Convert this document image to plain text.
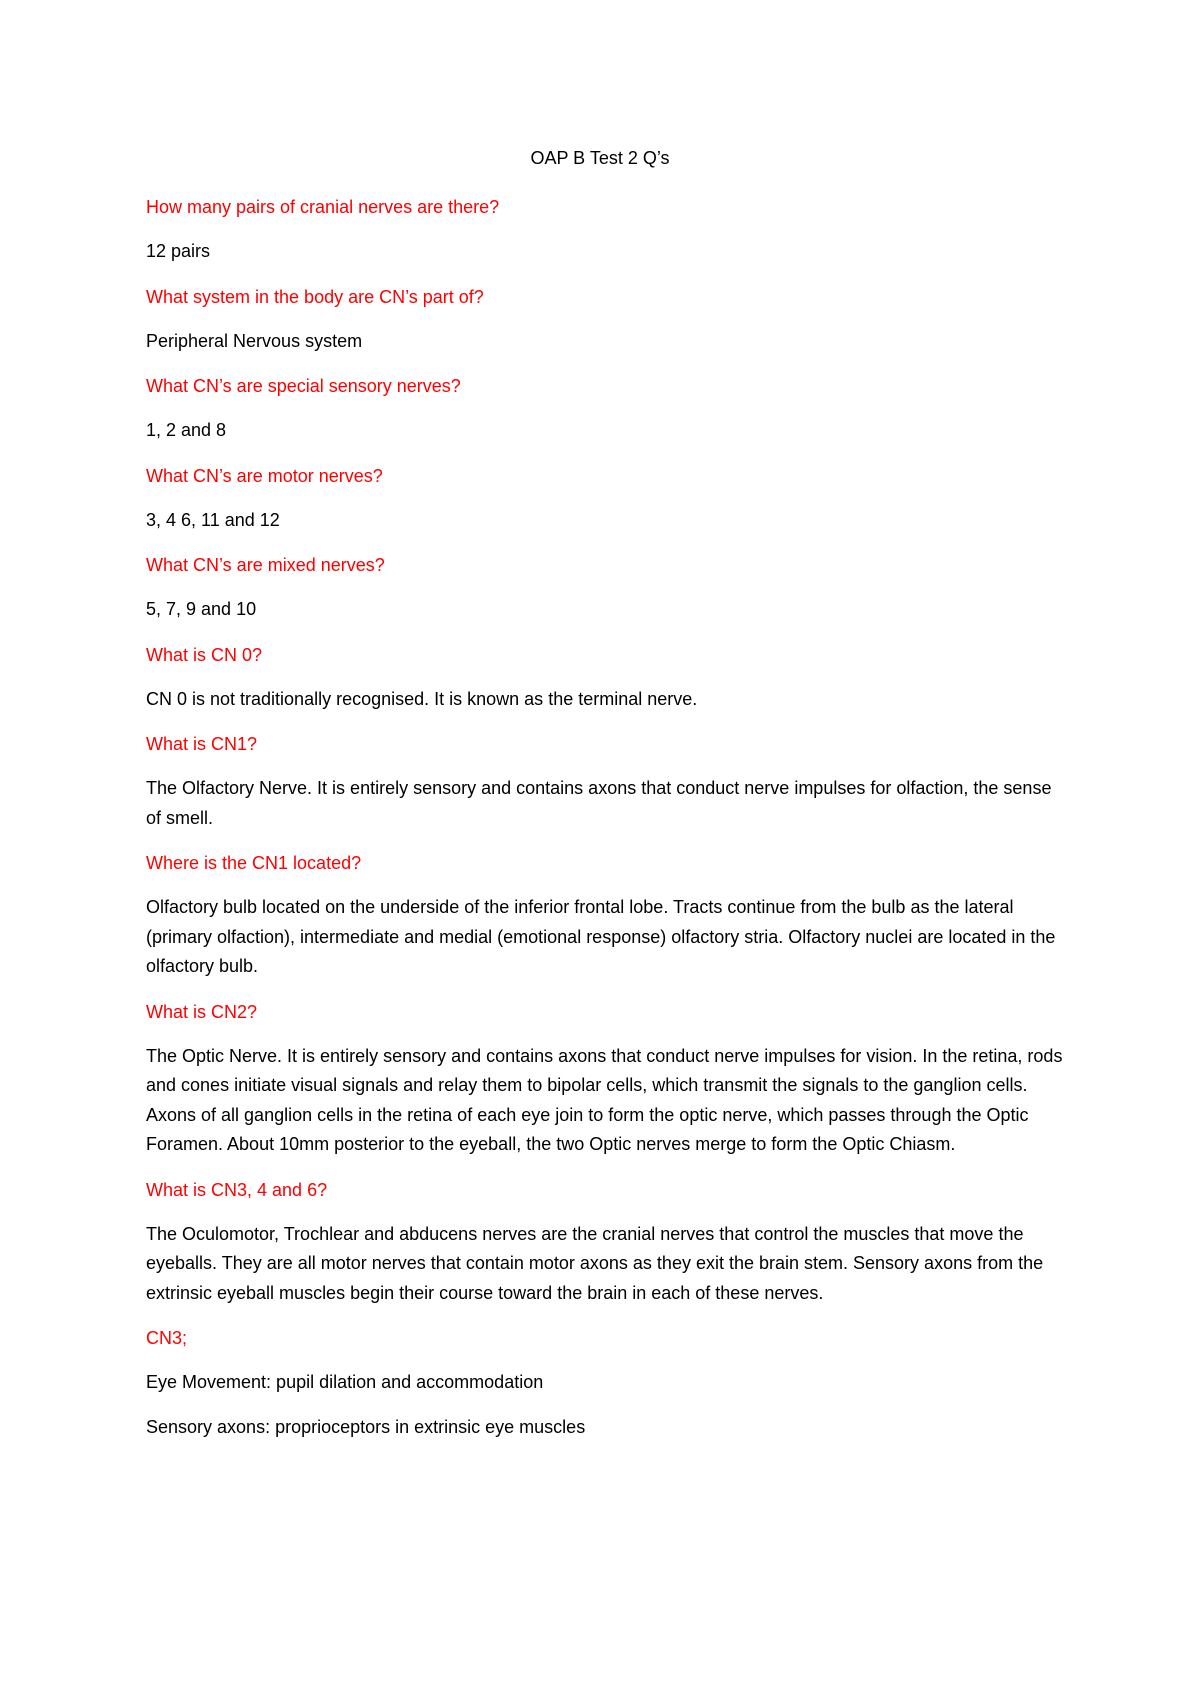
OAP B Test 2 Q’s

How many pairs of cranial nerves are there?

12 pairs

What system in the body are CN’s part of?

Peripheral Nervous system

What CN’s are special sensory nerves?

1, 2 and 8

What CN’s are motor nerves?

3, 4 6, 11 and 12

What CN’s are mixed nerves?

5, 7, 9 and 10

What is CN 0?

CN 0 is not traditionally recognised. It is known as the terminal nerve.

What is CN1?

The Olfactory Nerve. It is entirely sensory and contains axons that conduct nerve impulses for olfaction, the sense of smell.

Where is the CN1 located?

Olfactory bulb located on the underside of the inferior frontal lobe. Tracts continue from the bulb as the lateral (primary olfaction), intermediate and medial (emotional response) olfactory stria. Olfactory nuclei are located in the olfactory bulb.

What is CN2?

The Optic Nerve. It is entirely sensory and contains axons that conduct nerve impulses for vision. In the retina, rods and cones initiate visual signals and relay them to bipolar cells, which transmit the signals to the ganglion cells. Axons of all ganglion cells in the retina of each eye join to form the optic nerve, which passes through the Optic Foramen. About 10mm posterior to the eyeball, the two Optic nerves merge to form the Optic Chiasm.

What is CN3, 4 and 6?

The Oculomotor, Trochlear and abducens nerves are the cranial nerves that control the muscles that move the eyeballs. They are all motor nerves that contain motor axons as they exit the brain stem. Sensory axons from the extrinsic eyeball muscles begin their course toward the brain in each of these nerves.

CN3;

Eye Movement: pupil dilation and accommodation

Sensory axons: proprioceptors in extrinsic eye muscles
